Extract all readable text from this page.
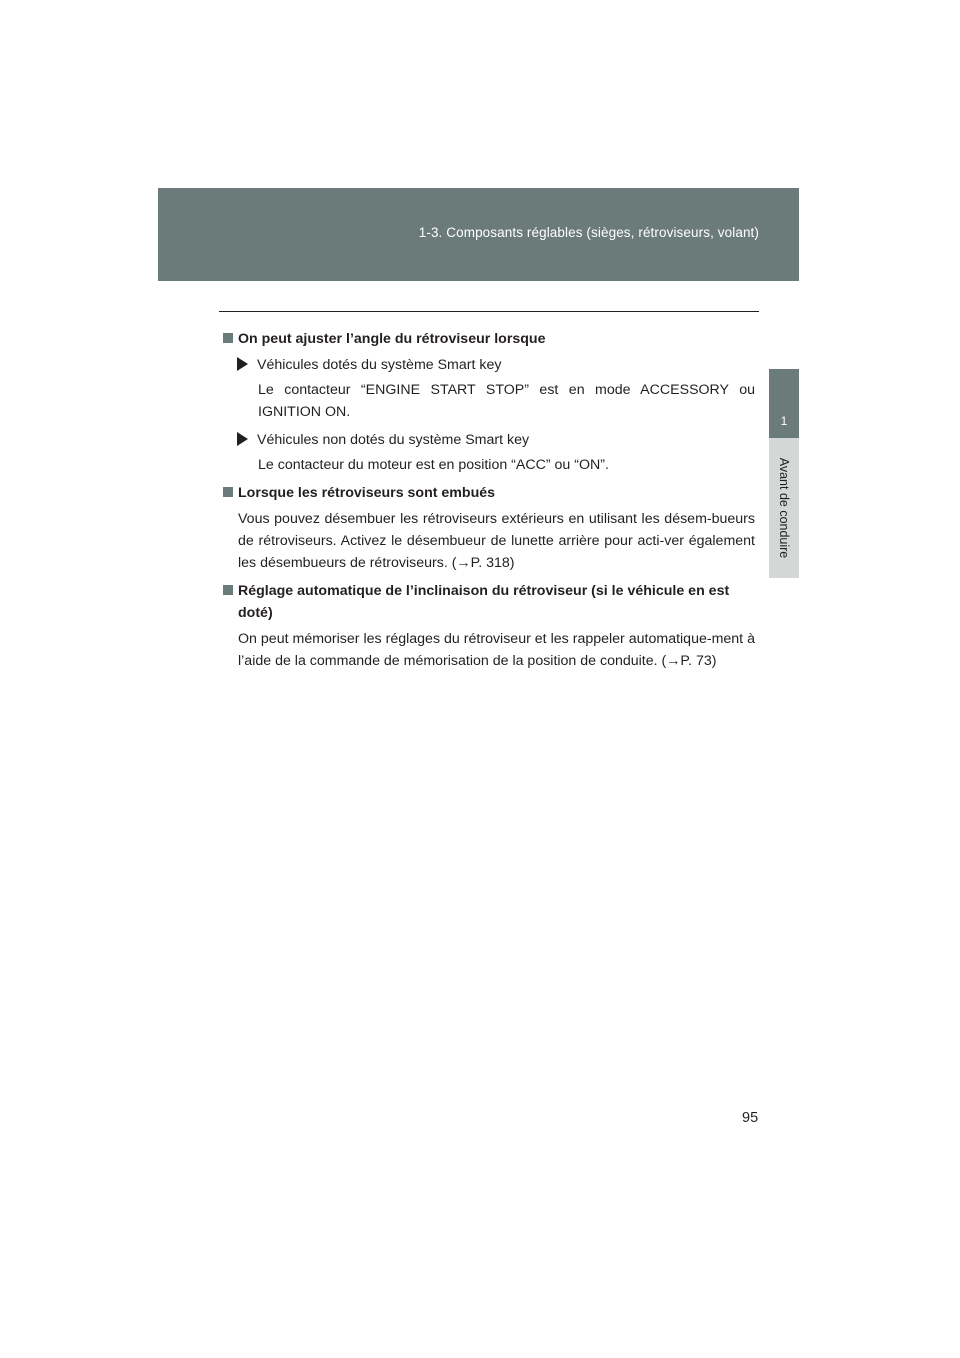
1-3. Composants réglables (sièges, rétroviseurs, volant)
1
Avant de conduire
On peut ajuster l’angle du rétroviseur lorsque
Véhicules dotés du système Smart key
Le contacteur “ENGINE START STOP” est en mode ACCESSORY ou IGNITION ON.
Véhicules non dotés du système Smart key
Le contacteur du moteur est en position “ACC” ou “ON”.
Lorsque les rétroviseurs sont embués
Vous pouvez désembuer les rétroviseurs extérieurs en utilisant les désem-bueurs de rétroviseurs. Activez le désembueur de lunette arrière pour acti-ver également les désembueurs de rétroviseurs. (→P. 318)
Réglage automatique de l’inclinaison du rétroviseur (si le véhicule en est doté)
On peut mémoriser les réglages du rétroviseur et les rappeler automatique-ment à l’aide de la commande de mémorisation de la position de conduite. (→P. 73)
95
